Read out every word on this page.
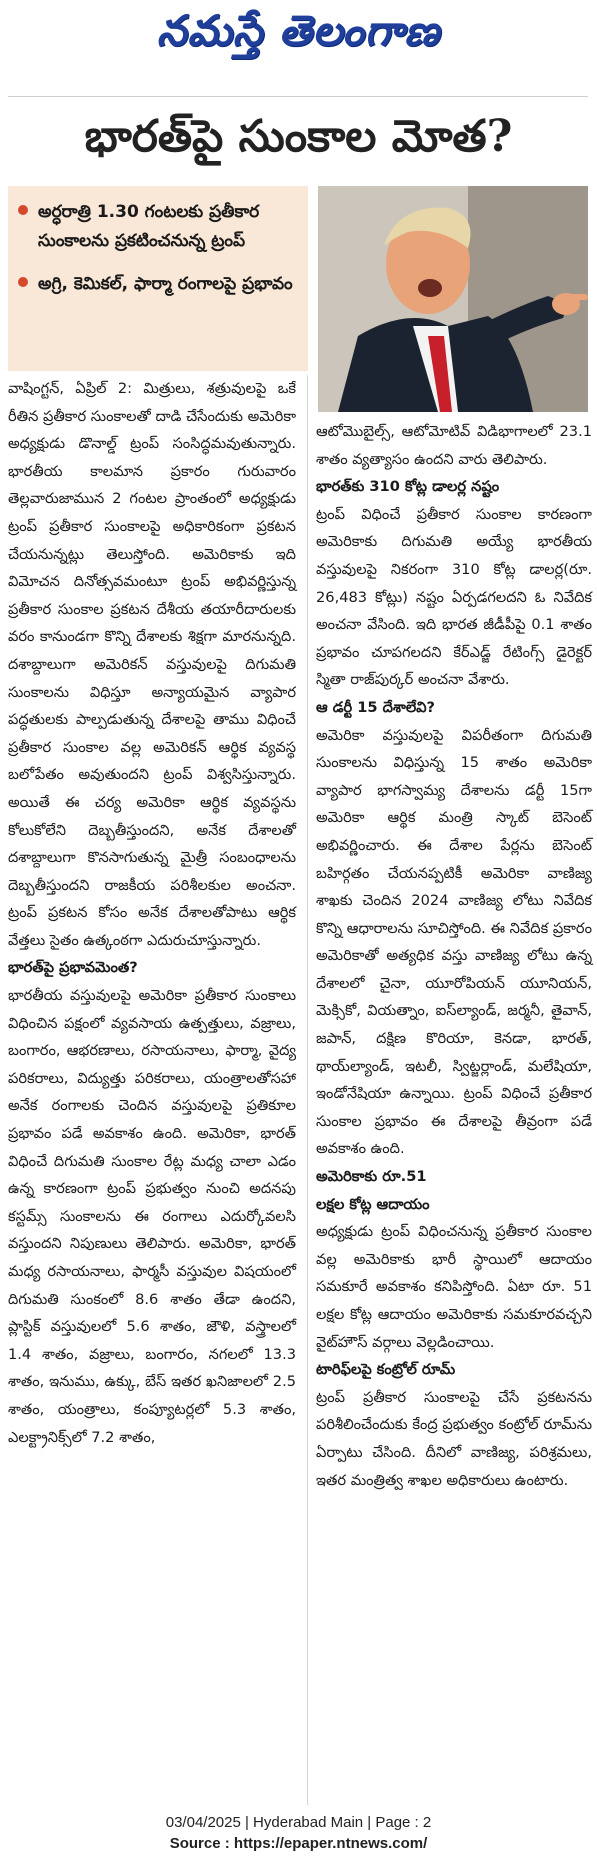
నమస్తే తెలంగాణ
భారత్‌పై సుంకాల మోత?
అర్ధరాత్రి 1.30 గంటలకు ప్రతీకార సుంకాలను ప్రకటించనున్న ట్రంప్
అగ్రి, కెమికల్, ఫార్మా రంగాలపై ప్రభావం

వాషింగ్టన్, ఏప్రిల్ 2: మిత్రులు, శత్రువులపై ఒకే రీతిన ప్రతీకార సుంకాలతో దాడి చేసేందుకు అమెరికా అధ్యక్షుడు డొనాల్డ్ ట్రంప్ సంసిద్ధమవుతున్నారు. భారతీయ కాలమాన ప్రకారం గురువారం తెల్లవారుజామున 2 గంటల ప్రాంతంలో అధ్యక్షుడు ట్రంప్ ప్రతీకార సుంకాలపై అధికారికంగా ప్రకటన చేయనున్నట్లు తెలుస్తోంది. అమెరికాకు ఇది విమోచన దినోత్సవమంటూ ట్రంప్ అభివర్ణిస్తున్న ప్రతీకార సుంకాల ప్రకటన దేశీయ తయారీదారులకు వరం కానుండగా కొన్ని దేశాలకు శిక్షగా మారనున్నది. దశాబ్దాలుగా అమెరికన్ వస్తువులపై దిగుమతి సుంకాలను విధిస్తూ అన్యాయమైన వ్యాపార పద్ధతులకు పాల్పడుతున్న దేశాలపై తాము విధించే ప్రతీకార సుంకాల వల్ల అమెరికన్ ఆర్థిక వ్యవస్థ బలోపేతం అవుతుందని ట్రంప్ విశ్వసిస్తున్నారు. అయితే ఈ చర్య అమెరికా ఆర్థిక వ్యవస్థను కోలుకోలేని దెబ్బతీస్తుందని, అనేక దేశాలతో దశాబ్దాలుగా కొనసాగుతున్న మైత్రీ సంబంధాలను దెబ్బతీస్తుందని రాజకీయ పరిశీలకుల అంచనా. ట్రంప్ ప్రకటన కోసం అనేక దేశాలతోపాటు ఆర్థిక వేత్తలు సైతం ఉత్కంఠగా ఎదురుచూస్తున్నారు.

భారత్‌పై ప్రభావమెంత?

భారతీయ వస్తువులపై అమెరికా ప్రతీకార సుంకాలు విధించిన పక్షంలో వ్యవసాయ ఉత్పత్తులు, వజ్రాలు, బంగారం, ఆభరణాలు, రసాయనాలు, ఫార్మా, వైద్య పరికరాలు, విద్యుత్తు పరికరాలు, యంత్రాలతోసహా అనేక రంగాలకు చెందిన వస్తువులపై ప్రతికూల ప్రభావం పడే అవకాశం ఉంది. అమెరికా, భారత్ విధించే దిగుమతి సుంకాల రేట్ల మధ్య చాలా ఎడం ఉన్న కారణంగా ట్రంప్ ప్రభుత్వం నుంచి అదనపు కస్టమ్స్ సుంకాలను ఈ రంగాలు ఎదుర్కోవలసి వస్తుందని నిపుణులు తెలిపారు. అమెరికా, భారత్ మధ్య రసాయనాలు, ఫార్మసీ వస్తువుల విషయంలో దిగుమతి సుంకంలో 8.6 శాతం తేడా ఉందని, ప్లాస్టిక్ వస్తువులలో 5.6 శాతం, జౌళి, వస్త్రాలలో 1.4 శాతం, వజ్రాలు, బంగారం, నగలలో 13.3 శాతం, ఇనుము, ఉక్కు, బేస్ ఇతర ఖనిజాలలో 2.5 శాతం, యంత్రాలు, కంప్యూటర్లలో 5.3 శాతం, ఎలక్ట్రానిక్స్‌లో 7.2 శాతం,

ఆటోమొబైల్స్, ఆటోమోటివ్ విడిభాగాలలో 23.1 శాతం వ్యత్యాసం ఉందని వారు తెలిపారు.

భారత్‌కు 310 కోట్ల డాలర్ల నష్టం

ట్రంప్ విధించే ప్రతీకార సుంకాల కారణంగా అమెరికాకు దిగుమతి అయ్యే భారతీయ వస్తువులపై నికరంగా 310 కోట్ల డాలర్ల(రూ. 26,483 కోట్లు) నష్టం ఏర్పడగలదని ఓ నివేదిక అంచనా వేసింది. ఇది భారత జీడీపీపై 0.1 శాతం ప్రభావం చూపగలదని కేర్‌ఎడ్జ్ రేటింగ్స్ డైరెక్టర్ స్మితా రాజ్‌పుర్కర్ అంచనా వేశారు.

ఆ డర్టీ 15 దేశాలేవి?

అమెరికా వస్తువులపై విపరీతంగా దిగుమతి సుంకాలను విధిస్తున్న 15 శాతం అమెరికా వ్యాపార భాగస్వామ్య దేశాలను డర్టీ 15గా అమెరికా ఆర్థిక మంత్రి స్కాట్ బెసెంట్ అభివర్ణించారు. ఈ దేశాల పేర్లను బెసెంట్ బహిర్గతం చేయనప్పటికీ అమెరికా వాణిజ్య శాఖకు చెందిన 2024 వాణిజ్య లోటు నివేదిక కొన్ని ఆధారాలను సూచిస్తోంది. ఈ నివేదిక ప్రకారం అమెరికాతో అత్యధిక వస్తు వాణిజ్య లోటు ఉన్న దేశాలలో చైనా, యూరోపియన్ యూనియన్, మెక్సికో, వియత్నాం, ఐస్‌ల్యాండ్, జర్మనీ, తైవాన్, జపాన్, దక్షిణ కొరియా, కెనడా, భారత్, థాయ్‌ల్యాండ్, ఇటలీ, స్విట్జర్లాండ్, మలేషియా, ఇండోనేషియా ఉన్నాయి. ట్రంప్ విధించే ప్రతీకార సుంకాల ప్రభావం ఈ దేశాలపై తీవ్రంగా పడే అవకాశం ఉంది.

అమెరికాకు రూ.51

లక్షల కోట్ల ఆదాయం

అధ్యక్షుడు ట్రంప్ విధించనున్న ప్రతీకార సుంకాల వల్ల అమెరికాకు భారీ స్థాయిలో ఆదాయం సమకూరే అవకాశం కనిపిస్తోంది. ఏటా రూ. 51 లక్షల కోట్ల ఆదాయం అమెరికాకు సమకూరవచ్చని వైట్‌హౌస్ వర్గాలు వెల్లడించాయి.

టారిఫ్‌లపై కంట్రోల్ రూమ్

ట్రంప్ ప్రతీకార సుంకాలపై చేసే ప్రకటనను పరిశీలించేందుకు కేంద్ర ప్రభుత్వం కంట్రోల్ రూమ్‌ను ఏర్పాటు చేసింది. దీనిలో వాణిజ్య, పరిశ్రమలు, ఇతర మంత్రిత్వ శాఖల అధికారులు ఉంటారు.

03/04/2025 | Hyderabad Main | Page : 2
Source : https://epaper.ntnews.com/
